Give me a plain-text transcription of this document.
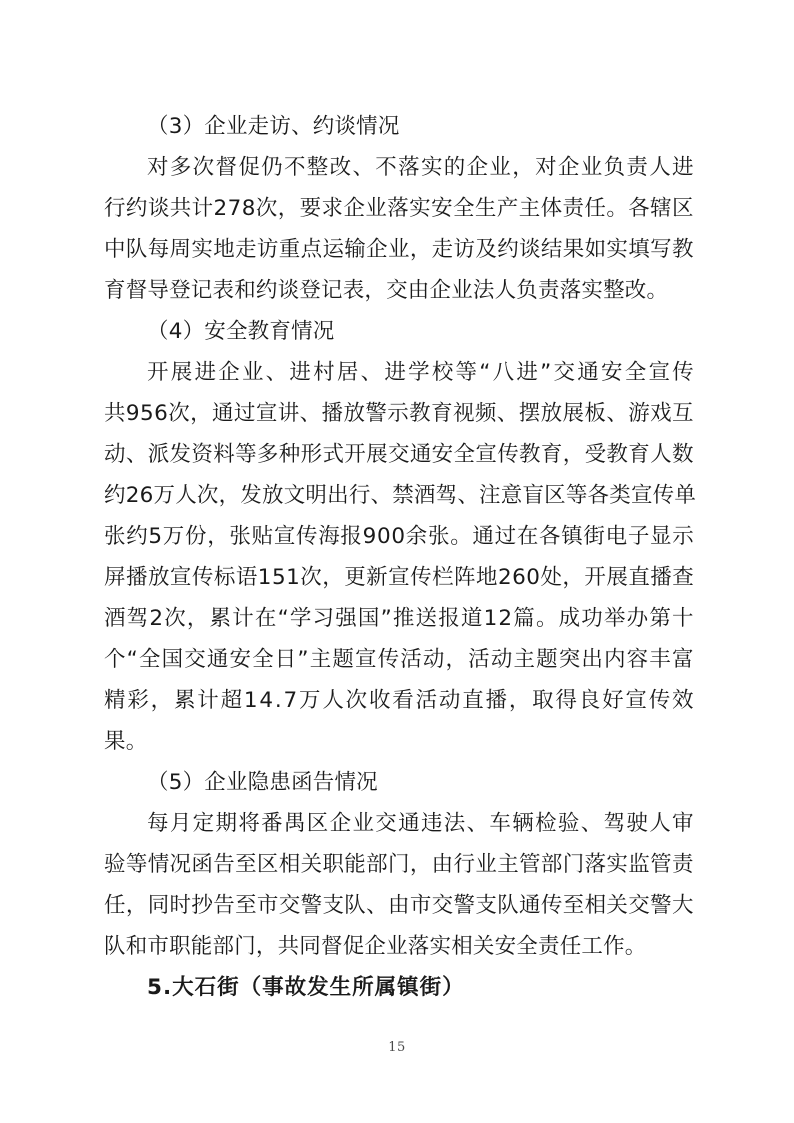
（3）企业走访、约谈情况
对 多 次 督 促 仍 不 整 改 、 不 落 实 的 企 业 ， 对 企 业 负 责 人 进
行 约 谈 共 计 2 7 8 次 ， 要 求 企 业 落 实 安 全 生 产 主 体 责 任 。 各 辖 区
中 队 每 周 实 地 走 访 重 点 运 输 企 业 ， 走 访 及 约 谈 结 果 如 实 填 写 教
育督导登记表和约谈登记表，交由企业法人负责落实整改。
（4）安全教育情况
开 展 进 企 业 、 进 村 居 、 进 学 校 等 “ 八 进 ” 交 通 安 全 宣 传
共 9 5 6 次 ， 通 过 宣 讲 、 播 放 警 示 教 育 视 频 、 摆 放 展 板 、 游 戏 互
动 、 派 发 资 料 等 多 种 形 式 开 展 交 通 安 全 宣 传 教 育 ， 受 教 育 人 数
约 2 6 万 人 次 ， 发 放 文 明 出 行 、 禁 酒 驾 、 注 意 盲 区 等 各 类 宣 传 单
张 约 5 万 份 ， 张 贴 宣 传 海 报 9 0 0 余 张 。 通 过 在 各 镇 街 电 子 显 示
屏 播 放 宣 传 标 语 1 5 1 次 ， 更 新 宣 传 栏 阵 地 2 6 0 处 ， 开 展 直 播 查
酒 驾 2 次 ， 累 计 在 “ 学 习 强 国 ” 推 送 报 道 1 2 篇 。 成 功 举 办 第 十
个 “ 全 国 交 通 安 全 日 ” 主 题 宣 传 活 动 ， 活 动 主 题 突 出 内 容 丰 富
精 彩 ， 累 计 超 1 4 . 7 万 人 次 收 看 活 动 直 播 ， 取 得 良 好 宣 传 效
果。
（5）企业隐患函告情况
每 月 定 期 将 番 禺 区 企 业 交 通 违 法 、 车 辆 检 验 、 驾 驶 人 审
验 等 情 况 函 告 至 区 相 关 职 能 部 门 ， 由 行 业 主 管 部 门 落 实 监 管 责
任 ， 同 时 抄 告 至 市 交 警 支 队 、 由 市 交 警 支 队 通 传 至 相 关 交 警 大
队和市职能部门，共同督促企业落实相关安全责任工作。
5.大石街（事故发生所属镇街）
15
